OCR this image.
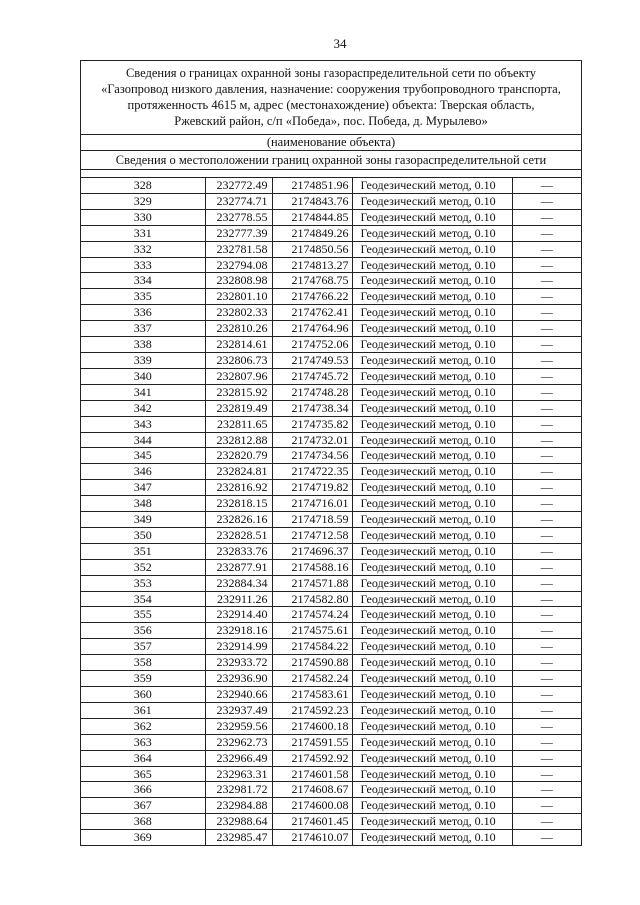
34
Сведения о границах охранной зоны газораспределительной сети по объекту
«Газопровод низкого давления, назначение: сооружения трубопроводного транспорта,
протяженность 4615 м, адрес (местонахождение) объекта: Тверская область,
Ржевский район, с/п «Победа», пос. Победа, д. Мурылево»
(наименование объекта)
Сведения о местоположении границ охранной зоны газораспределительной сети
328	232772.49	2174851.96	Геодезический метод, 0.10	—
329	232774.71	2174843.76	Геодезический метод, 0.10	—
330	232778.55	2174844.85	Геодезический метод, 0.10	—
331	232777.39	2174849.26	Геодезический метод, 0.10	—
332	232781.58	2174850.56	Геодезический метод, 0.10	—
333	232794.08	2174813.27	Геодезический метод, 0.10	—
334	232808.98	2174768.75	Геодезический метод, 0.10	—
335	232801.10	2174766.22	Геодезический метод, 0.10	—
336	232802.33	2174762.41	Геодезический метод, 0.10	—
337	232810.26	2174764.96	Геодезический метод, 0.10	—
338	232814.61	2174752.06	Геодезический метод, 0.10	—
339	232806.73	2174749.53	Геодезический метод, 0.10	—
340	232807.96	2174745.72	Геодезический метод, 0.10	—
341	232815.92	2174748.28	Геодезический метод, 0.10	—
342	232819.49	2174738.34	Геодезический метод, 0.10	—
343	232811.65	2174735.82	Геодезический метод, 0.10	—
344	232812.88	2174732.01	Геодезический метод, 0.10	—
345	232820.79	2174734.56	Геодезический метод, 0.10	—
346	232824.81	2174722.35	Геодезический метод, 0.10	—
347	232816.92	2174719.82	Геодезический метод, 0.10	—
348	232818.15	2174716.01	Геодезический метод, 0.10	—
349	232826.16	2174718.59	Геодезический метод, 0.10	—
350	232828.51	2174712.58	Геодезический метод, 0.10	—
351	232833.76	2174696.37	Геодезический метод, 0.10	—
352	232877.91	2174588.16	Геодезический метод, 0.10	—
353	232884.34	2174571.88	Геодезический метод, 0.10	—
354	232911.26	2174582.80	Геодезический метод, 0.10	—
355	232914.40	2174574.24	Геодезический метод, 0.10	—
356	232918.16	2174575.61	Геодезический метод, 0.10	—
357	232914.99	2174584.22	Геодезический метод, 0.10	—
358	232933.72	2174590.88	Геодезический метод, 0.10	—
359	232936.90	2174582.24	Геодезический метод, 0.10	—
360	232940.66	2174583.61	Геодезический метод, 0.10	—
361	232937.49	2174592.23	Геодезический метод, 0.10	—
362	232959.56	2174600.18	Геодезический метод, 0.10	—
363	232962.73	2174591.55	Геодезический метод, 0.10	—
364	232966.49	2174592.92	Геодезический метод, 0.10	—
365	232963.31	2174601.58	Геодезический метод, 0.10	—
366	232981.72	2174608.67	Геодезический метод, 0.10	—
367	232984.88	2174600.08	Геодезический метод, 0.10	—
368	232988.64	2174601.45	Геодезический метод, 0.10	—
369	232985.47	2174610.07	Геодезический метод, 0.10	—
